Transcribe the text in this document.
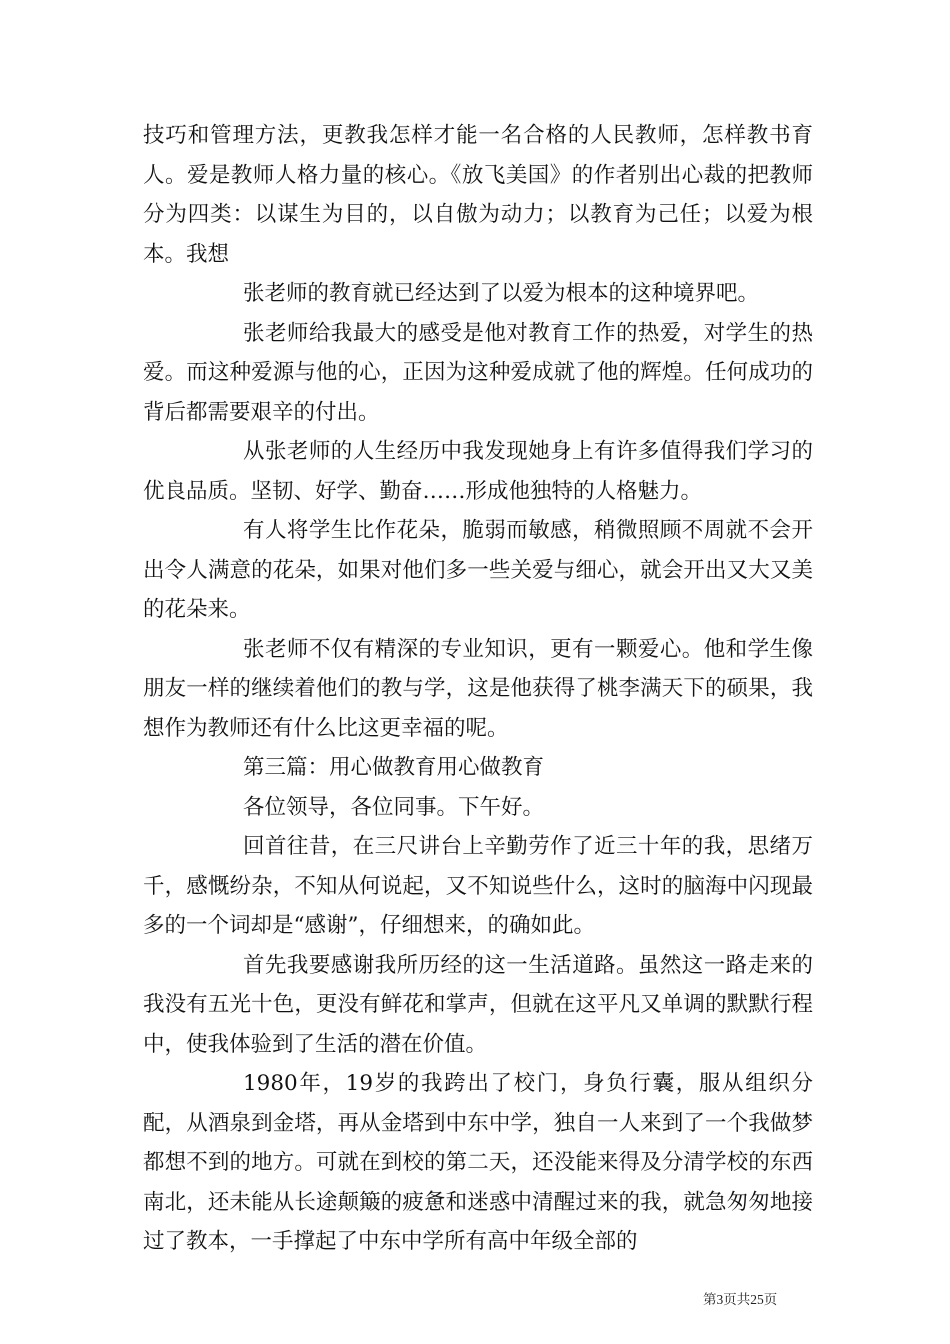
技巧和管理方法，更教我怎样才能一名合格的人民教师，怎样教书育人。爱是教师人格力量的核心。《放飞美国》的作者别出心裁的把教师分为四类：以谋生为目的，以自傲为动力；以教育为己任；以爱为根本。我想

张老师的教育就已经达到了以爱为根本的这种境界吧。

张老师给我最大的感受是他对教育工作的热爱，对学生的热爱。而这种爱源与他的心，正因为这种爱成就了他的辉煌。任何成功的背后都需要艰辛的付出。

从张老师的人生经历中我发现她身上有许多值得我们学习的优良品质。坚韧、好学、勤奋……形成他独特的人格魅力。

有人将学生比作花朵，脆弱而敏感，稍微照顾不周就不会开出令人满意的花朵，如果对他们多一些关爱与细心，就会开出又大又美的花朵来。

张老师不仅有精深的专业知识，更有一颗爱心。他和学生像朋友一样的继续着他们的教与学，这是他获得了桃李满天下的硕果，我想作为教师还有什么比这更幸福的呢。

第三篇：用心做教育用心做教育

各位领导，各位同事。下午好。

回首往昔，在三尺讲台上辛勤劳作了近三十年的我，思绪万千，感慨纷杂，不知从何说起，又不知说些什么，这时的脑海中闪现最多的一个词却是“感谢”，仔细想来，的确如此。

首先我要感谢我所历经的这一生活道路。虽然这一路走来的我没有五光十色，更没有鲜花和掌声，但就在这平凡又单调的默默行程中，使我体验到了生活的潜在价值。

1980年，19岁的我跨出了校门，身负行囊，服从组织分配，从酒泉到金塔，再从金塔到中东中学，独自一人来到了一个我做梦都想不到的地方。可就在到校的第二天，还没能来得及分清学校的东西南北，还未能从长途颠簸的疲惫和迷惑中清醒过来的我，就急匆匆地接过了教本，一手撑起了中东中学所有高中年级全部的

第3页共25页
